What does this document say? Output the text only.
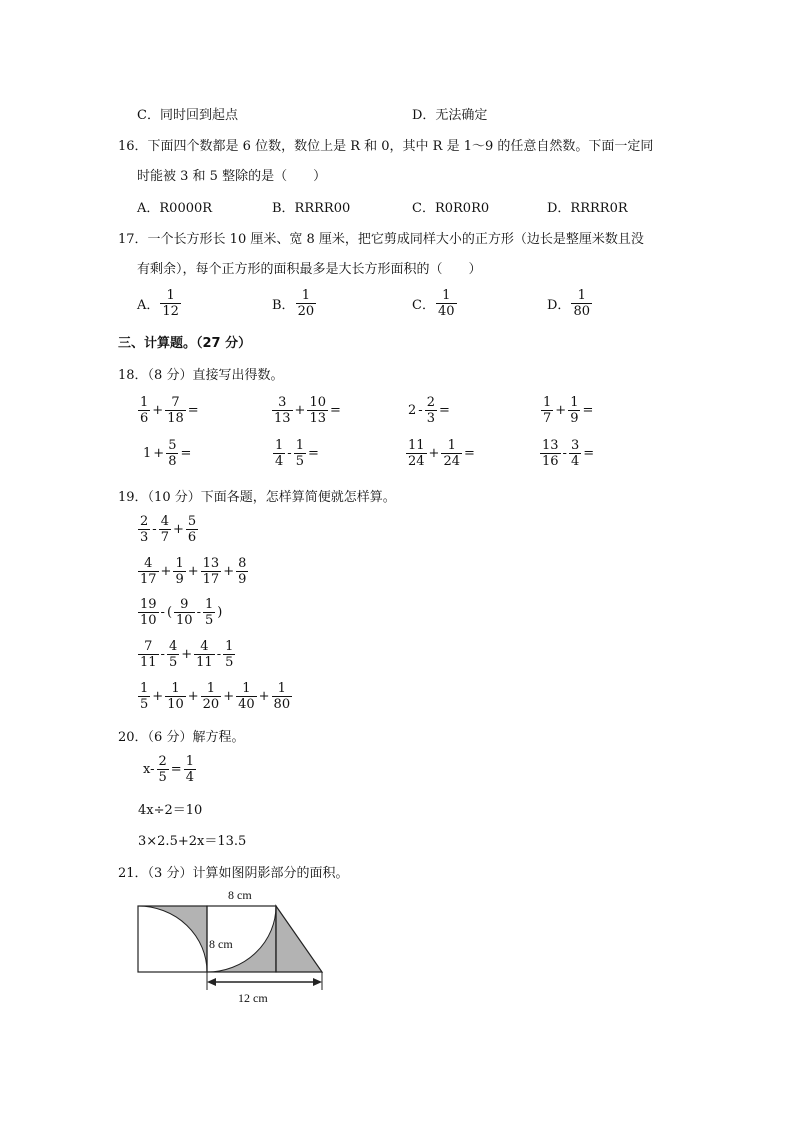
C．同时回到起点	D．无法确定
16．下面四个数都是 6 位数，数位上是 R 和 0，其中 R 是 1～9 的任意自然数。下面一定同
时能被 3 和 5 整除的是（　　）
A．R0000R	B．RRRR00	C．R0R0R0	D．RRRR0R
17．一个长方形长 10 厘米、宽 8 厘米，把它剪成同样大小的正方形（边长是整厘米数且没
有剩余），每个正方形的面积最多是大长方形面积的（　　）
A． $\frac{1}{12}$	B． $\frac{1}{20}$	C． $\frac{1}{40}$	D． $\frac{1}{80}$
三、计算题。（27 分）
18．（8 分）直接写出得数。
$\frac{1}{6} + \frac{7}{18}$ =	$\frac{3}{13} + \frac{10}{13}$ =	$2 - \frac{2}{3}$ =	$\frac{1}{7} + \frac{1}{9}$ =
$1 + \frac{5}{8}$ =	$\frac{1}{4} - \frac{1}{5}$ =	$\frac{11}{24} + \frac{1}{24}$ =	$\frac{13}{16} - \frac{3}{4}$ =
19．（10 分）下面各题，怎样算简便就怎样算。
$\frac{2}{3} - \frac{4}{7} + \frac{5}{6}$
$\frac{4}{17} + \frac{1}{9} + \frac{13}{17} + \frac{8}{9}$
$\frac{19}{10}$ - ( $\frac{9}{10} - \frac{1}{5}$ )
$\frac{7}{11} - \frac{4}{5} + \frac{4}{11} - \frac{1}{5}$
$\frac{1}{5} + \frac{1}{10} + \frac{1}{20} + \frac{1}{40} + \frac{1}{80}$
20．（6 分）解方程。
$x- \frac{2}{5} = \frac{1}{4}$
4x÷2＝10
3×2.5+2x＝13.5
21．（3 分）计算如图阴影部分的面积。
8 cm
8 cm
12 cm
